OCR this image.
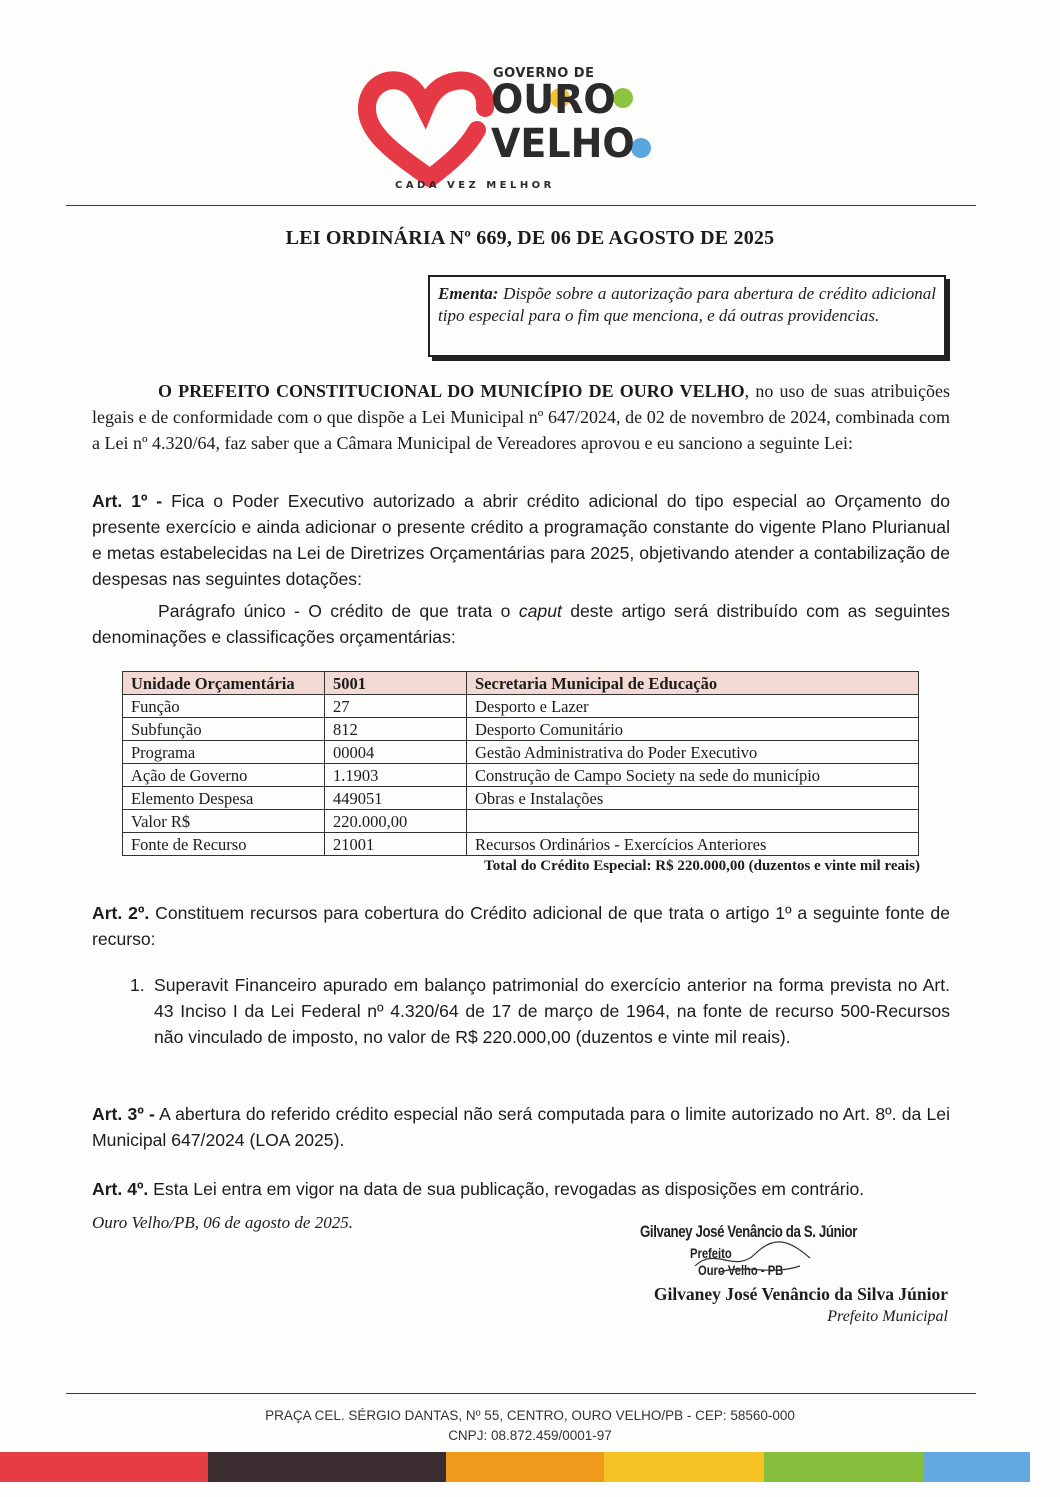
GOVERNO DE
OURO
VELHO
C A D A   V E Z   M E L H O R
LEI ORDINÁRIA Nº 669, DE 06 DE AGOSTO DE 2025
Ementa: Dispõe sobre a autorização para abertura de crédito adicional tipo especial para o fim que menciona, e dá outras providencias.
O PREFEITO CONSTITUCIONAL DO MUNICÍPIO DE OURO VELHO, no uso de suas atribuições legais e de conformidade com o que dispõe a Lei Municipal nº 647/2024, de 02 de novembro de 2024, combinada com a Lei nº 4.320/64, faz saber que a Câmara Municipal de Vereadores aprovou e eu sanciono a seguinte Lei:
Art. 1º - Fica o Poder Executivo autorizado a abrir crédito adicional do tipo especial ao Orçamento do presente exercício e ainda adicionar o presente crédito a programação constante do vigente Plano Plurianual e metas estabelecidas na Lei de Diretrizes Orçamentárias para 2025, objetivando atender a contabilização de despesas nas seguintes dotações:
Parágrafo único - O crédito de que trata o caput deste artigo será distribuído com as seguintes denominações e classificações orçamentárias:
Unidade Orçamentária	5001	Secretaria Municipal de Educação
Função	27	Desporto e Lazer
Subfunção	812	Desporto Comunitário
Programa	00004	Gestão Administrativa do Poder Executivo
Ação de Governo	1.1903	Construção de Campo Society na sede do município
Elemento Despesa	449051	Obras e Instalações
Valor R$	220.000,00	
Fonte de Recurso	21001	Recursos Ordinários - Exercícios Anteriores
Total do Crédito Especial: R$ 220.000,00 (duzentos e vinte mil reais)
Art. 2º. Constituem recursos para cobertura do Crédito adicional de que trata o artigo 1º a seguinte fonte de recurso:
1. Superavit Financeiro apurado em balanço patrimonial do exercício anterior na forma prevista no Art. 43 Inciso I da Lei Federal nº 4.320/64 de 17 de março de 1964, na fonte de recurso 500-Recursos não vinculado de imposto, no valor de R$ 220.000,00 (duzentos e vinte mil reais).
Art. 3º - A abertura do referido crédito especial não será computada para o limite autorizado no Art. 8º. da Lei Municipal 647/2024 (LOA 2025).
Art. 4º. Esta Lei entra em vigor na data de sua publicação, revogadas as disposições em contrário.
Ouro Velho/PB, 06 de agosto de 2025.	Gilvaney José Venâncio da S. Júnior
Prefeito
Ouro Velho - PB
Gilvaney José Venâncio da Silva Júnior
Prefeito Municipal
PRAÇA CEL. SÉRGIO DANTAS, Nº 55, CENTRO, OURO VELHO/PB - CEP: 58560-000
CNPJ: 08.872.459/0001-97
